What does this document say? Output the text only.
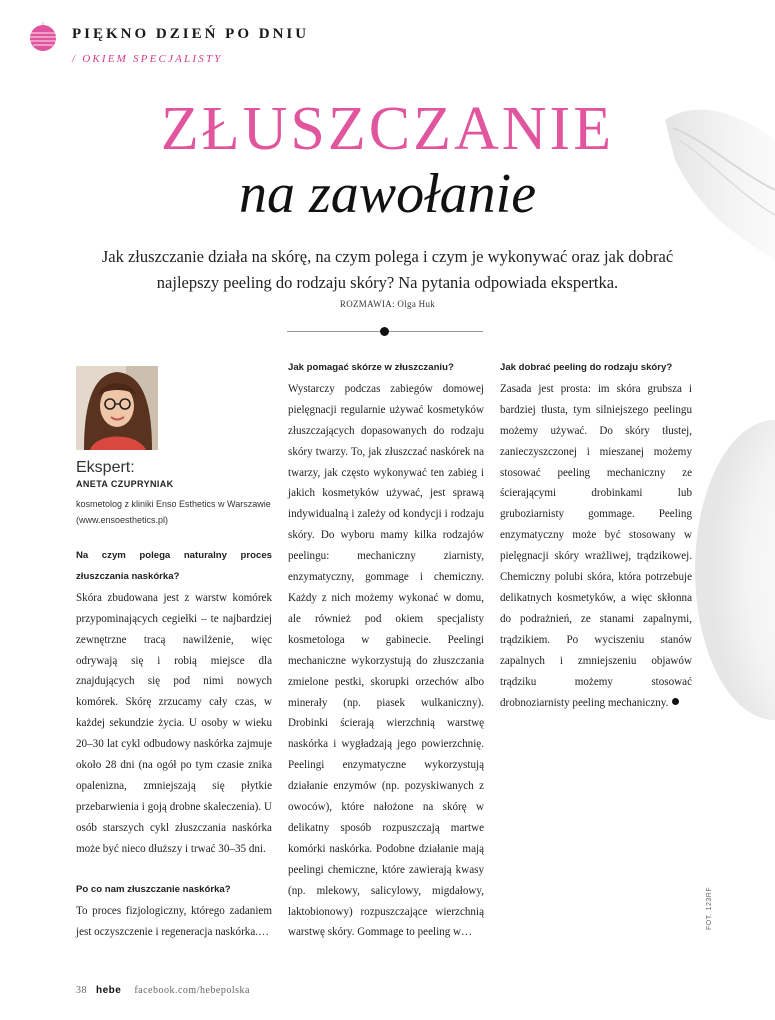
PIĘKNO DZIEŃ PO DNIU
/ OKIEM SPECJALISTY
ZŁUSZCZANIE
na zawołanie
Jak złuszczanie działa na skórę, na czym polega i czym je wykonywać oraz jak dobrać najlepszy peeling do rodzaju skóry? Na pytania odpowiada ekspertka.
ROZMAWIA: Olga Huk
Ekspert:
ANETA CZUPRYNIAK
kosmetolog z kliniki Enso Esthetics w Warszawie (www.ensoesthetics.pl)

Na czym polega naturalny proces złuszczania naskórka?
Skóra zbudowana jest z warstw komórek przypominających cegiełki – te najbardziej zewnętrzne tracą nawilżenie, więc odrywają się i robią miejsce dla znajdujących się pod nimi nowych komórek. Skórę zrzucamy cały czas, w każdej sekundzie życia. U osoby w wieku 20–30 lat cykl odbudowy naskórka zajmuje około 28 dni (na ogół po tym czasie znika opalenizna, zmniejszają się płytkie przebarwienia i goją drobne skaleczenia). U osób starszych cykl złuszczania naskórka może być nieco dłuższy i trwać 30–35 dni.

Po co nam złuszczanie naskórka?
To proces fizjologiczny, którego zadaniem jest oczyszczenie i regeneracja naskórka.…

Jak pomagać skórze w złuszczaniu?
Wystarczy podczas zabiegów domowej pielęgnacji regularnie używać kosmetyków złuszczających dopasowanych do rodzaju skóry twarzy. To, jak złuszczać naskórek na twarzy, jak często wykonywać ten zabieg i jakich kosmetyków używać, jest sprawą indywidualną i zależy od kondycji i rodzaju skóry. Do wyboru mamy kilka rodzajów peelingu: mechaniczny ziarnisty, enzymatyczny, gommage i chemiczny. Każdy z nich możemy wykonać w domu, ale również pod okiem specjalisty kosmetologa w gabinecie. Peelingi mechaniczne wykorzystują do złuszczania zmielone pestki, skorupki orzechów albo minerały (np. piasek wulkaniczny). Drobinki ścierają wierzchnią warstwę naskórka i wygładzają jego powierzchnię. Peelingi enzymatyczne wykorzystują działanie enzymów (np. pozyskiwanych z owoców), które nałożone na skórę w delikatny sposób rozpuszczają martwe komórki naskórka. Podobne działanie mają peelingi chemiczne, które zawierają kwasy (np. mlekowy, salicylowy, migdałowy, laktobionowy) rozpuszczające wierzchnią warstwę skóry. Gommage to peeling w…

Jak dobrać peeling do rodzaju skóry?
Zasada jest prosta: im skóra grubsza i bardziej tłusta, tym silniejszego peelingu możemy używać. Do skóry tłustej, zanieczyszczonej i mieszanej możemy stosować peeling mechaniczny ze ścierającymi drobinkami lub gruboziarnisty gommage. Peeling enzymatyczny może być stosowany w pielęgnacji skóry wrażliwej, trądzikowej. Chemiczny polubi skóra, która potrzebuje delikatnych kosmetyków, a więc skłonna do podrażnień, ze stanami zapalnymi, trądzikiem. Po wyciszeniu stanów zapalnych i zmniejszeniu objawów trądziku możemy stosować drobnoziarnisty peeling mechaniczny.

38 hebe facebook.com/hebepolska
FOT. 123RF
